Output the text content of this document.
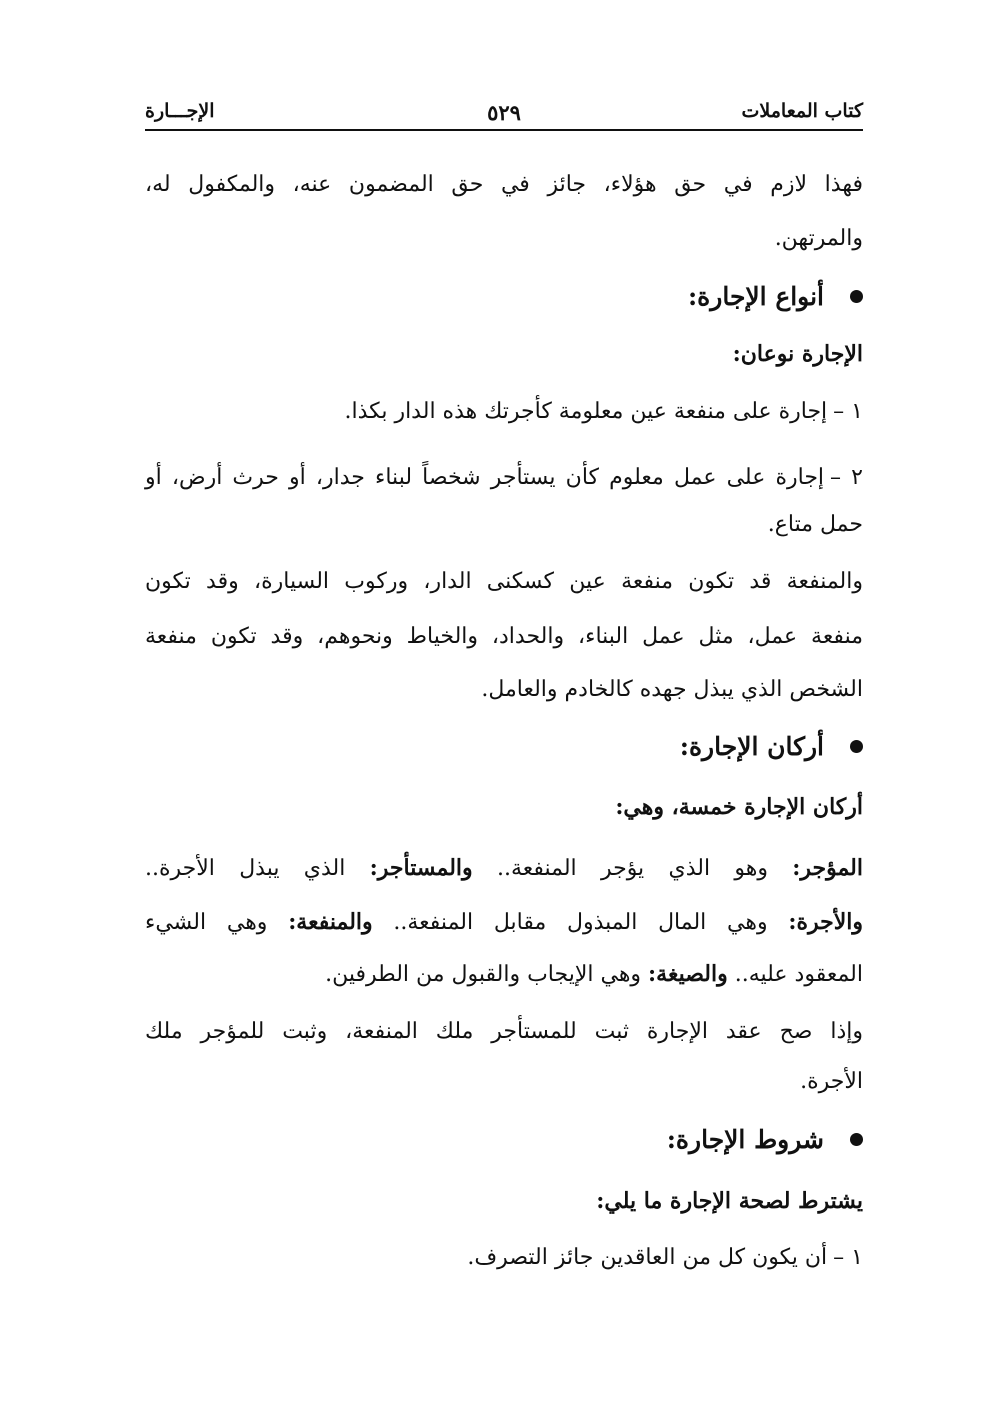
كتاب المعاملات
٥٢٩
الإجـــارة
فهذا لازم في حق هؤلاء، جائز في حق المضمون عنه، والمكفول له،
والمرتهن.
أنواع الإجارة:
الإجارة نوعان:
١ –إجارة على منفعة عين معلومة كأجرتك هذه الدار بكذا.
٢ –إجارة على عمل معلوم كأن يستأجر شخصاً لبناء جدار، أو حرث أرض، أو
حمل متاع.
والمنفعة قد تكون منفعة عين كسكنى الدار، وركوب السيارة، وقد تكون
منفعة عمل، مثل عمل البناء، والحداد، والخياط ونحوهم، وقد تكون منفعة
الشخص الذي يبذل جهده كالخادم والعامل.
أركان الإجارة:
أركان الإجارة خمسة، وهي:
المؤجر: وهو الذي يؤجر المنفعة.. والمستأجر: الذي يبذل الأجرة..
والأجرة: وهي المال المبذول مقابل المنفعة.. والمنفعة: وهي الشيء
المعقود عليه.. والصيغة: وهي الإيجاب والقبول من الطرفين.
وإذا صح عقد الإجارة ثبت للمستأجر ملك المنفعة، وثبت للمؤجر ملك
الأجرة.
شروط الإجارة:
يشترط لصحة الإجارة ما يلي:
١ –أن يكون كل من العاقدين جائز التصرف.
